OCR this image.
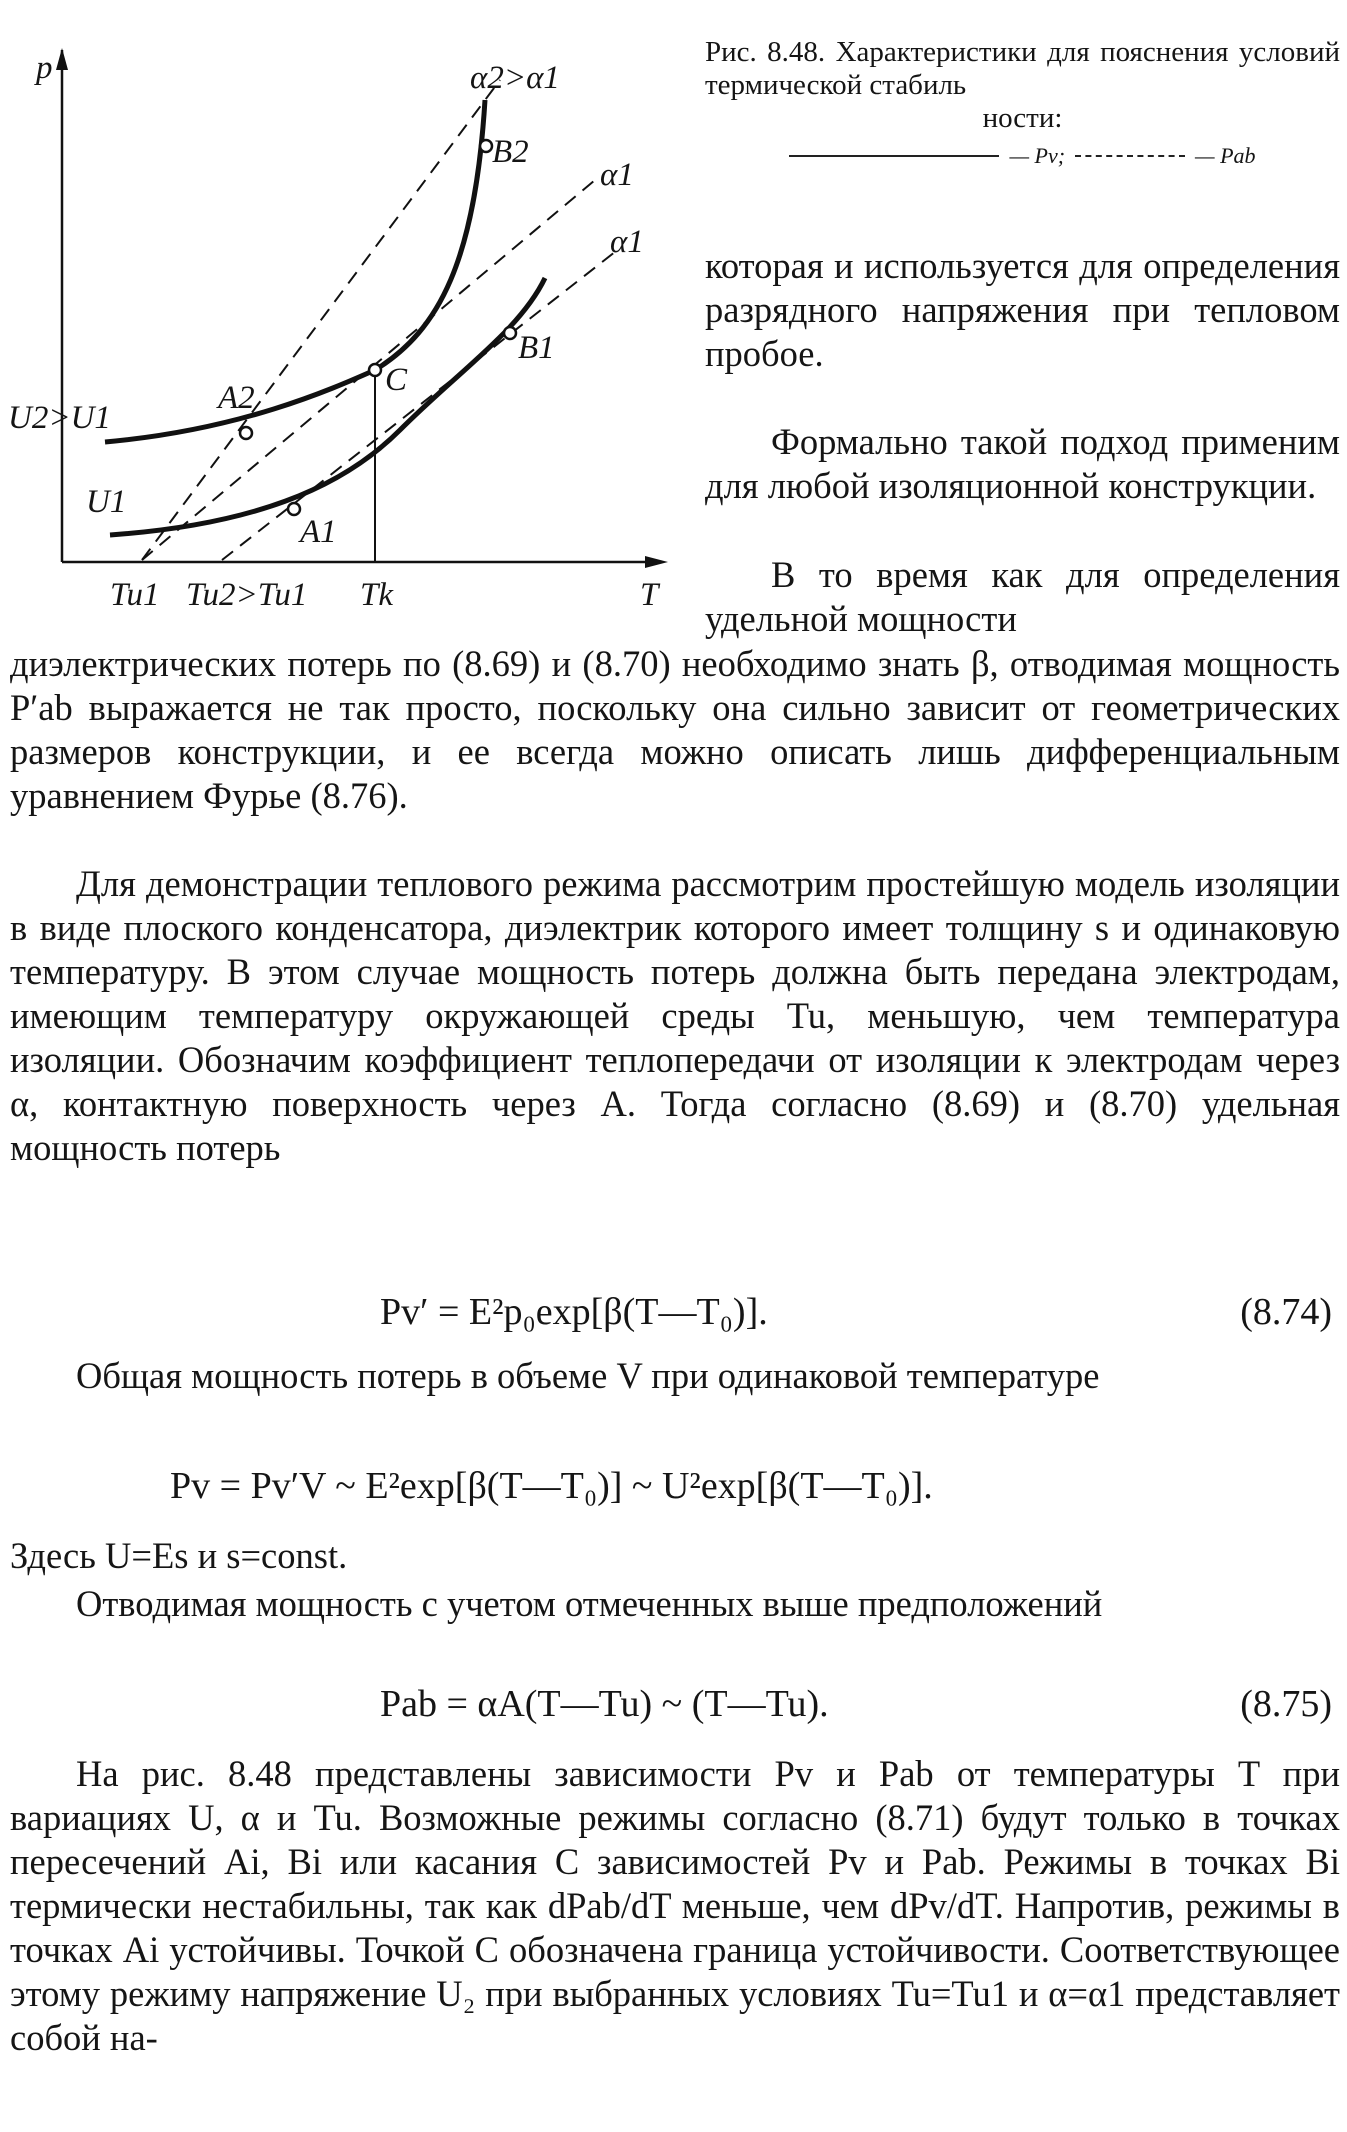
p
T
α2>α1
B2
α1
α1
B1
C
A2
U2>U1
U1
A1
Tu1 Tu2>Tu1 Tk
Рис. 8.48. Характеристики для пояснения условий термической стабиль
ности:
— Pv;	— Pab

которая и используется для определения разрядного напряжения при тепловом пробое.

Формально такой подход применим для любой изоляционной конструкции.

В то время как для определения удельной мощности

диэлектрических потерь по (8.69) и (8.70) необходимо знать β, отводимая мощность P′ab выражается не так просто, поскольку она сильно зависит от геометрических размеров конструкции, и ее всегда можно описать лишь дифференциальным уравнением Фурье (8.76).

Для демонстрации теплового режима рассмотрим простейшую модель изоляции в виде плоского конденсатора, диэлектрик которого имеет толщину s и одинаковую температуру. В этом случае мощность потерь должна быть передана электродам, имеющим температуру окружающей среды Tu, меньшую, чем температура изоляции. Обозначим коэффициент теплопередачи от изоляции к электродам через α, контактную поверхность через A. Тогда согласно (8.69) и (8.70) удельная мощность потерь

Pv′ = E²p₀exp[β(T—T₀)].	(8.74)

Общая мощность потерь в объеме V при одинаковой температуре

Pv = Pv′V ~ E²exp[β(T—T₀)] ~ U²exp[β(T—T₀)].

Здесь U=Es и s=const.

Отводимая мощность с учетом отмеченных выше предположений

Pab = αA(T—Tu) ~ (T—Tu).	(8.75)

На рис. 8.48 представлены зависимости Pv и Pab от температуры T при вариациях U, α и Tu. Возможные режимы согласно (8.71) будут только в точках пересечений Ai, Bi или касания C зависимостей Pv и Pab. Режимы в точках Bi термически нестабильны, так как dPab/dT меньше, чем dPv/dT. Напротив, режимы в точках Ai устойчивы. Точкой C обозначена граница устойчивости. Соответствующее этому режиму напряжение U₂ при выбранных условиях Tu=Tu1 и α=α1 представляет собой на-
